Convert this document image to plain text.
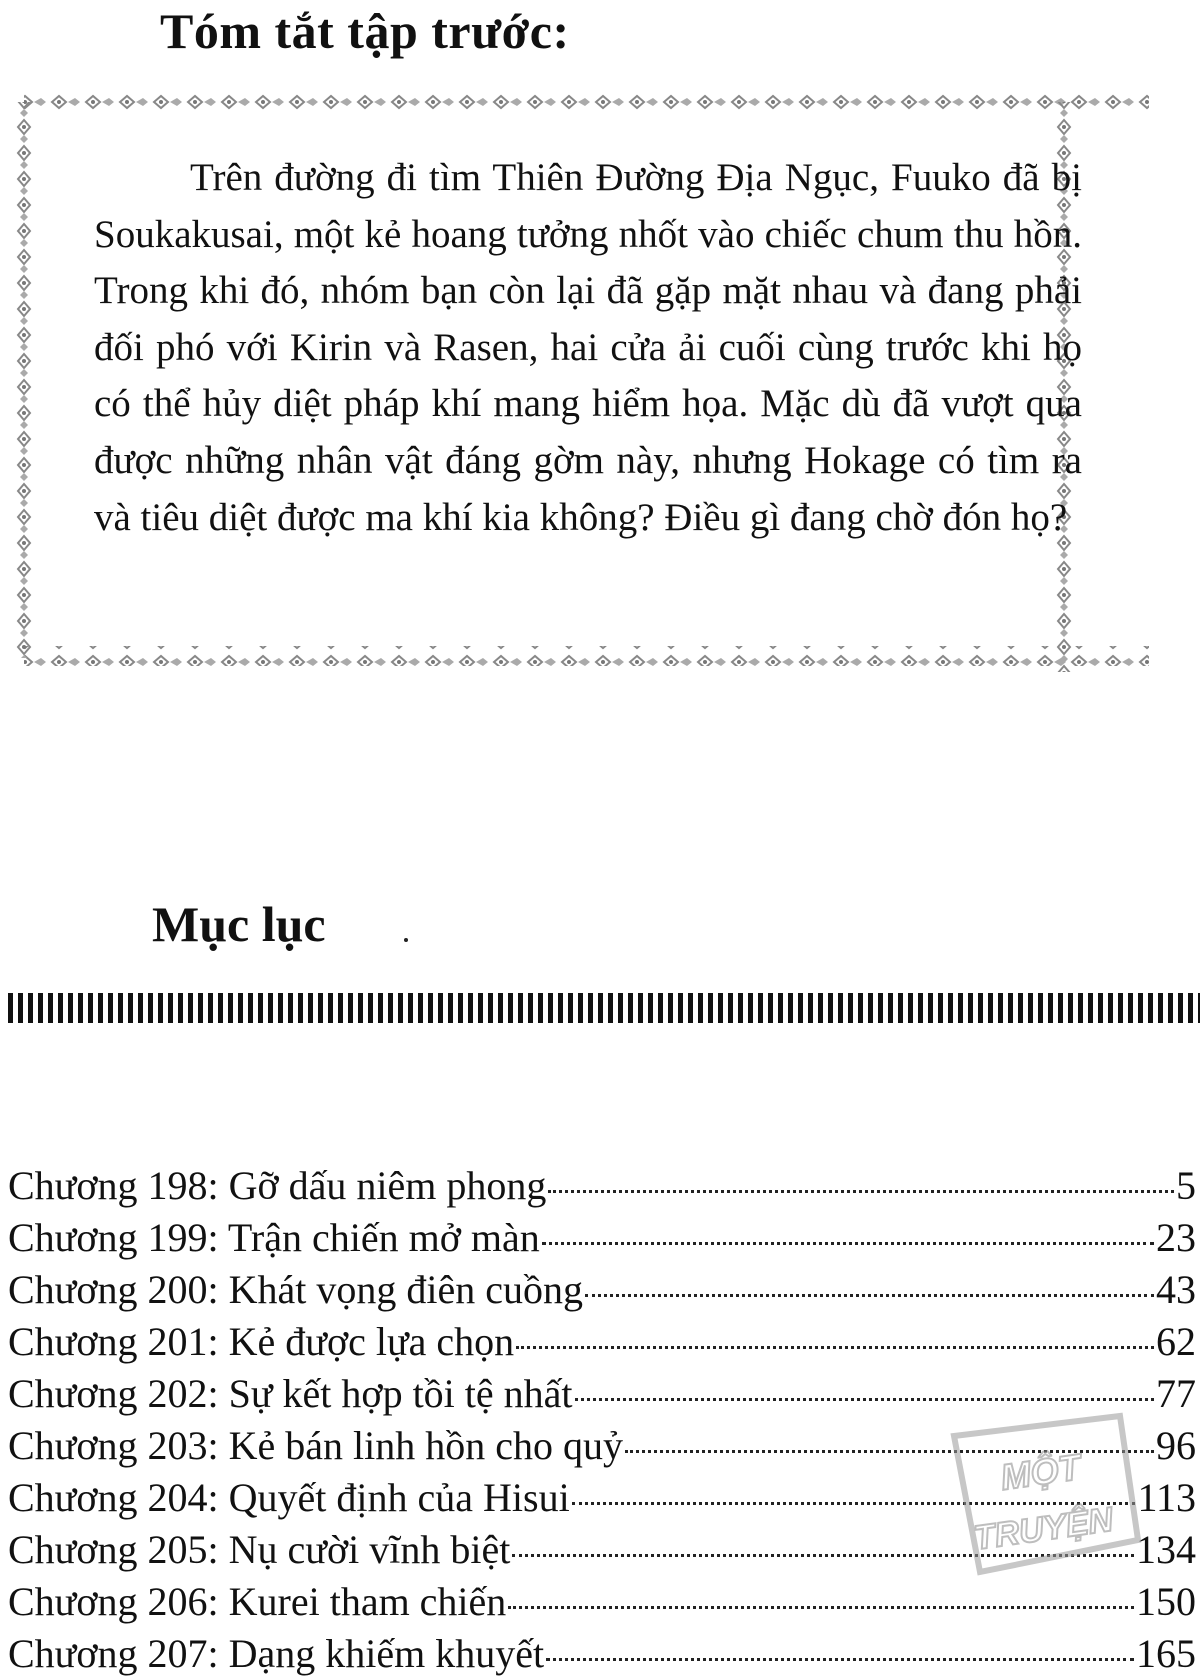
Tóm tắt tập trước:

Trên đường đi tìm Thiên Đường Địa Ngục, Fuuko đã bị Soukakusai, một kẻ hoang tưởng nhốt vào chiếc chum thu hồn. Trong khi đó, nhóm bạn còn lại đã gặp mặt nhau và đang phải đối phó với Kirin và Rasen, hai cửa ải cuối cùng trước khi họ có thể hủy diệt pháp khí mang hiểm họa. Mặc dù đã vượt qua được những nhân vật đáng gờm này, nhưng Hokage có tìm ra và tiêu diệt được ma khí kia không? Điều gì đang chờ đón họ?

Mục lục
Chương 198: Gỡ dấu niêm phong	5
Chương 199: Trận chiến mở màn	23
Chương 200: Khát vọng điên cuồng	43
Chương 201: Kẻ được lựa chọn	62
Chương 202: Sự kết hợp tồi tệ nhất	77
Chương 203: Kẻ bán linh hồn cho quỷ	96
Chương 204: Quyết định của Hisui	113
Chương 205: Nụ cười vĩnh biệt	134
Chương 206: Kurei tham chiến	150
Chương 207: Dạng khiếm khuyết	165
MỘT
TRUYỆN
